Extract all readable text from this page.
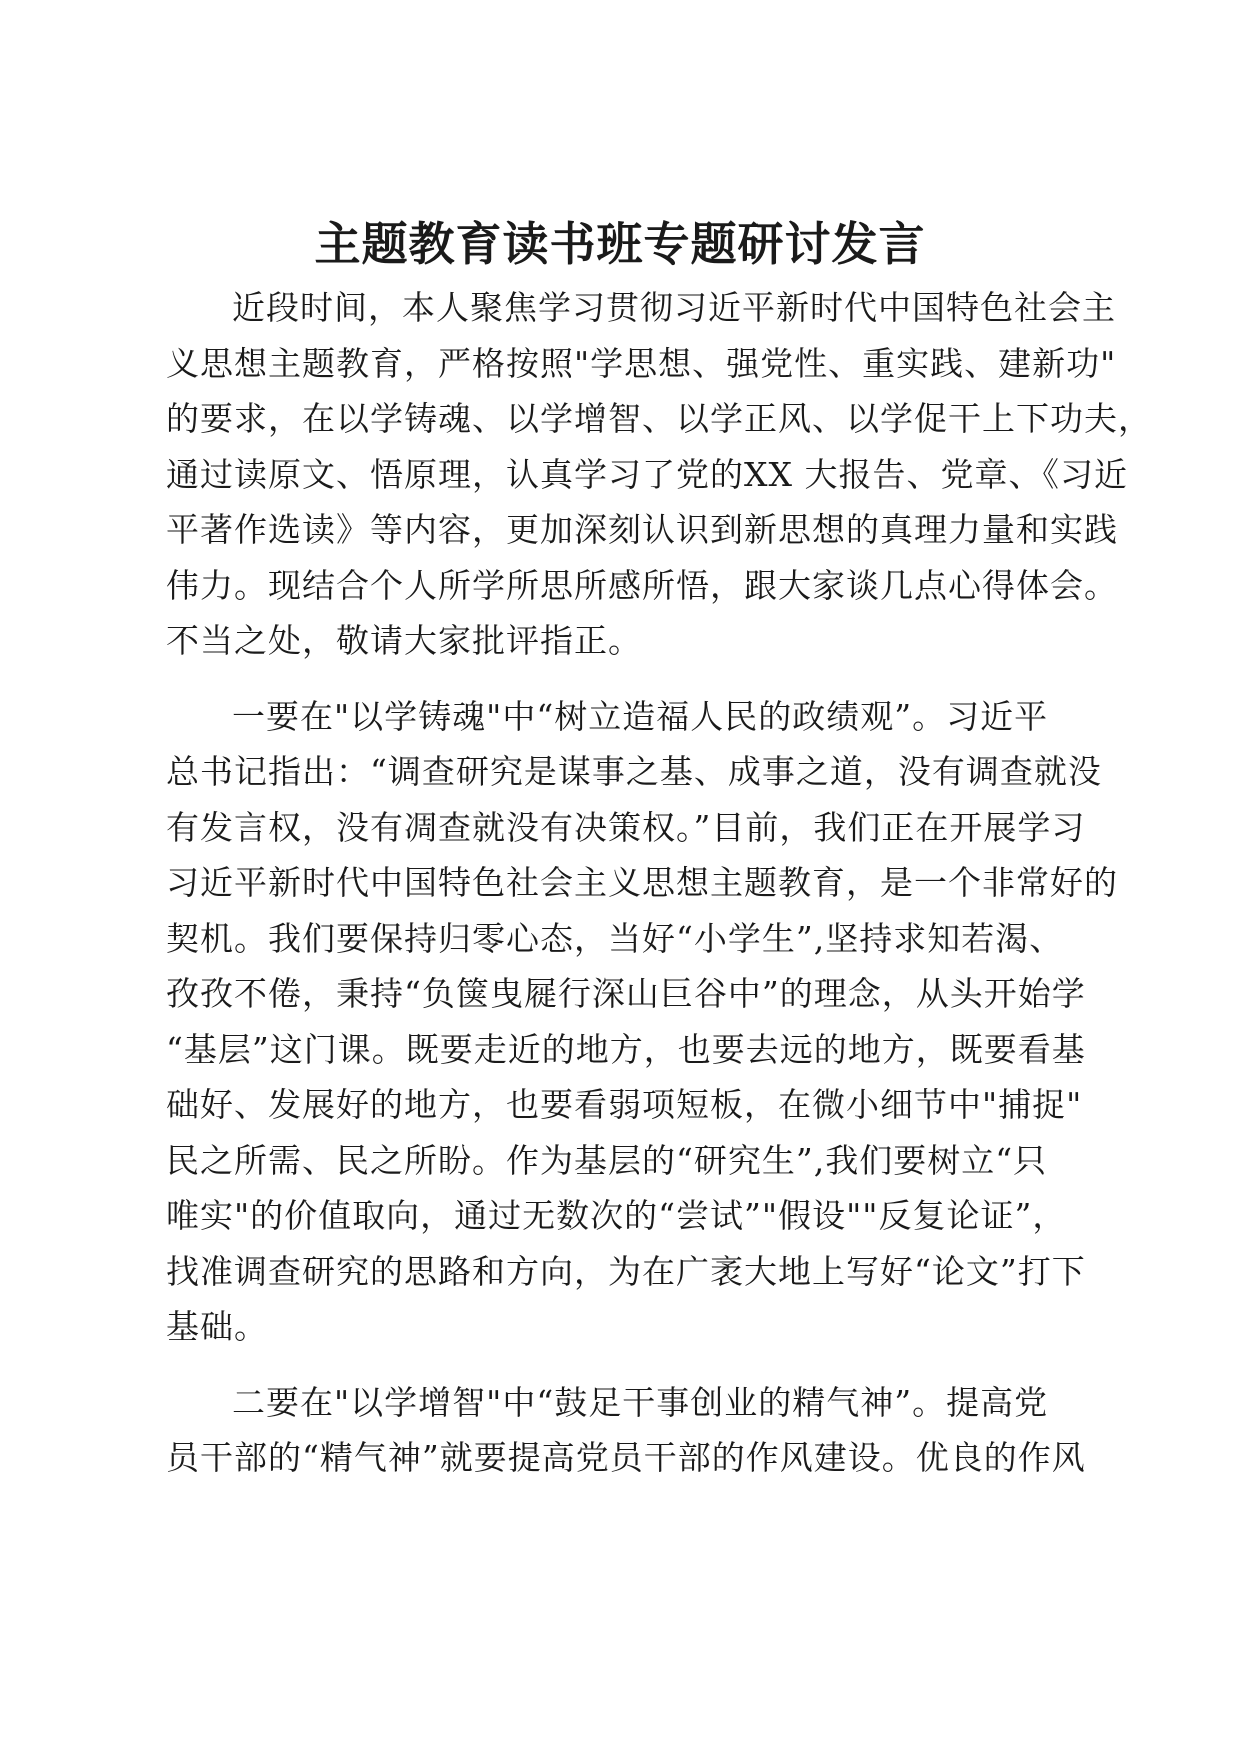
主题教育读书班专题研讨发言
近段时间，本人聚焦学习贯彻习近平新时代中国特色社会主
义思想主题教育，严格按照"学思想、强党性、重实践、建新功"
的要求，在以学铸魂、以学增智、以学正风、以学促干上下功夫，
通过读原文、悟原理，认真学习了党的XX 大报告、党章、《习近
平著作选读》等内容，更加深刻认识到新思想的真理力量和实践
伟力。现结合个人所学所思所感所悟，跟大家谈几点心得体会。
不当之处，敬请大家批评指正。
一要在"以学铸魂"中“树立造福人民的政绩观”。习近平
总书记指出：“调查研究是谋事之基、成事之道，没有调查就没
有发言权，没有凋查就没有决策权。”目前，我们正在开展学习
习近平新时代中国特色社会主义思想主题教育，是一个非常好的
契机。我们要保持归零心态，当好“小学生”,坚持求知若渴、
孜孜不倦，秉持“负箧曳屣行深山巨谷中”的理念，从头开始学
“基层”这门课。既要走近的地方，也要去远的地方，既要看基
础好、发展好的地方，也要看弱项短板，在微小细节中"捕捉"
民之所需、民之所盼。作为基层的“研究生”,我们要树立“只
唯实"的价值取向，通过无数次的“尝试”"假设""反复论证”，
找准调查研究的思路和方向，为在广袤大地上写好“论文”打下
基础。
二要在"以学增智"中“鼓足干事创业的精气神”。提高党
员干部的“精气神”就要提高党员干部的作风建设。优良的作风
